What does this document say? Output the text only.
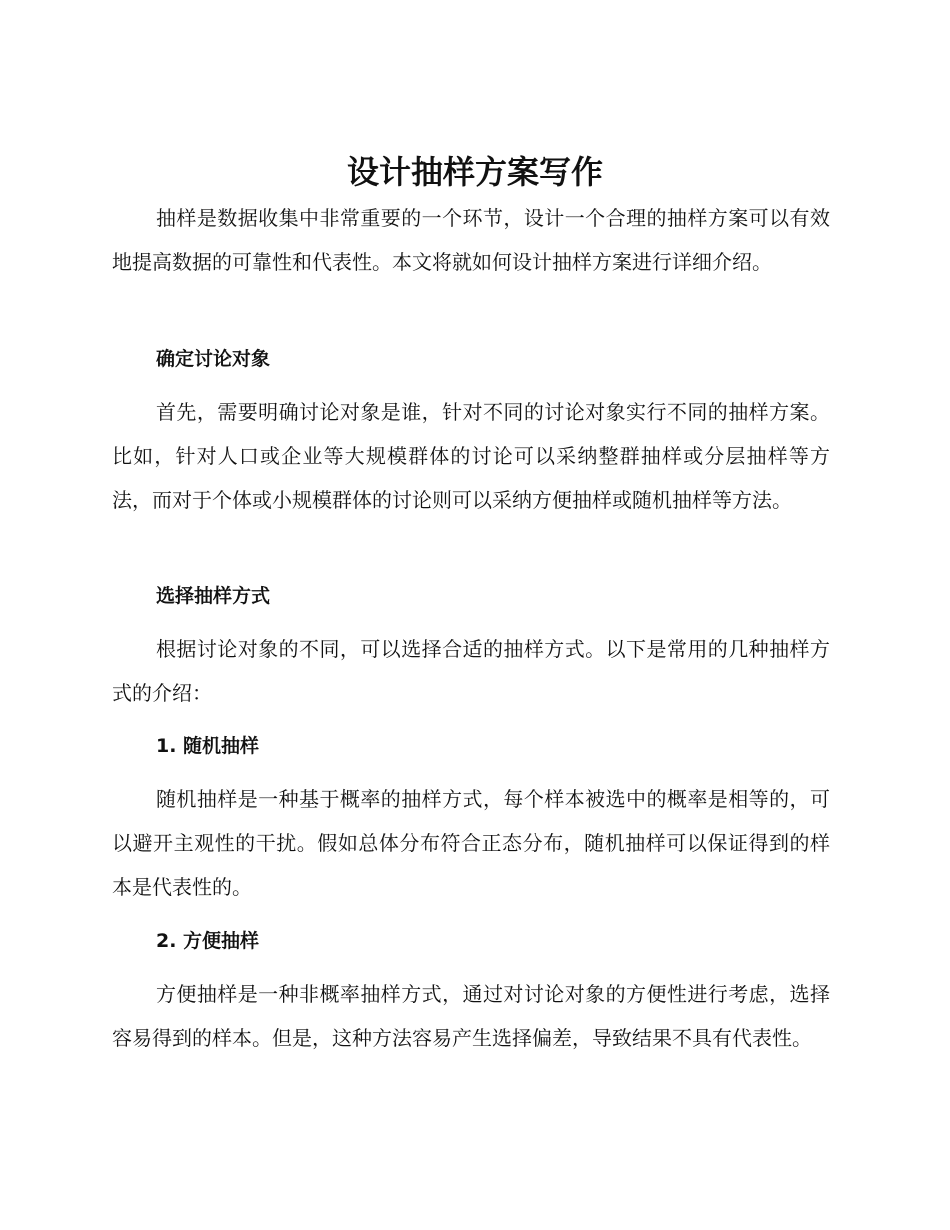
设计抽样方案写作

抽样是数据收集中非常重要的一个环节，设计一个合理的抽样方案可以有效地提高数据的可靠性和代表性。本文将就如何设计抽样方案进行详细介绍。

确定讨论对象

首先，需要明确讨论对象是谁，针对不同的讨论对象实行不同的抽样方案。比如，针对人口或企业等大规模群体的讨论可以采纳整群抽样或分层抽样等方法，而对于个体或小规模群体的讨论则可以采纳方便抽样或随机抽样等方法。

选择抽样方式

根据讨论对象的不同，可以选择合适的抽样方式。以下是常用的几种抽样方式的介绍：

1. 随机抽样

随机抽样是一种基于概率的抽样方式，每个样本被选中的概率是相等的，可以避开主观性的干扰。假如总体分布符合正态分布，随机抽样可以保证得到的样本是代表性的。

2. 方便抽样

方便抽样是一种非概率抽样方式，通过对讨论对象的方便性进行考虑，选择容易得到的样本。但是，这种方法容易产生选择偏差，导致结果不具有代表性。
